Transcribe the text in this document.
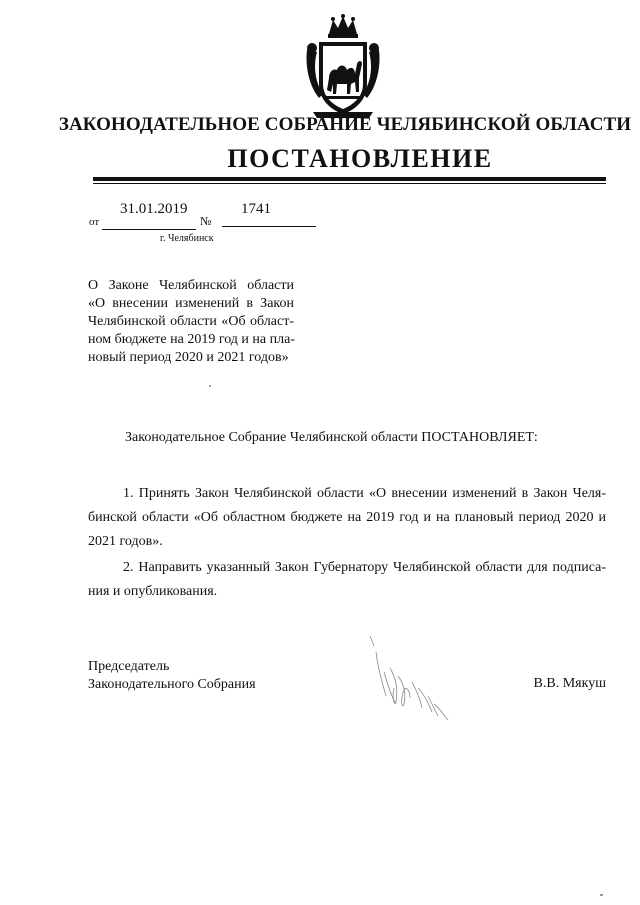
ЗАКОНОДАТЕЛЬНОЕ СОБРАНИЕ ЧЕЛЯБИНСКОЙ ОБЛАСТИ
ПОСТАНОВЛЕНИЕ
от
31.01.2019
№
1741
г. Челябинск
О Законе Челябинской области
«О внесении изменений в Закон
Челябинской области «Об област-
ном бюджете на 2019 год и на пла-
новый период 2020 и 2021 годов»
Законодательное Собрание Челябинской области ПОСТАНОВЛЯЕТ:
1. Принять Закон Челябинской области «О внесении изменений в Закон Челя-
бинской области «Об областном бюджете на 2019 год и на плановый период 2020 и
2021 годов».
2. Направить указанный Закон Губернатору Челябинской области для подписа-
ния и опубликования.
Председатель
Законодательного Собрания	В.В. Мякуш
